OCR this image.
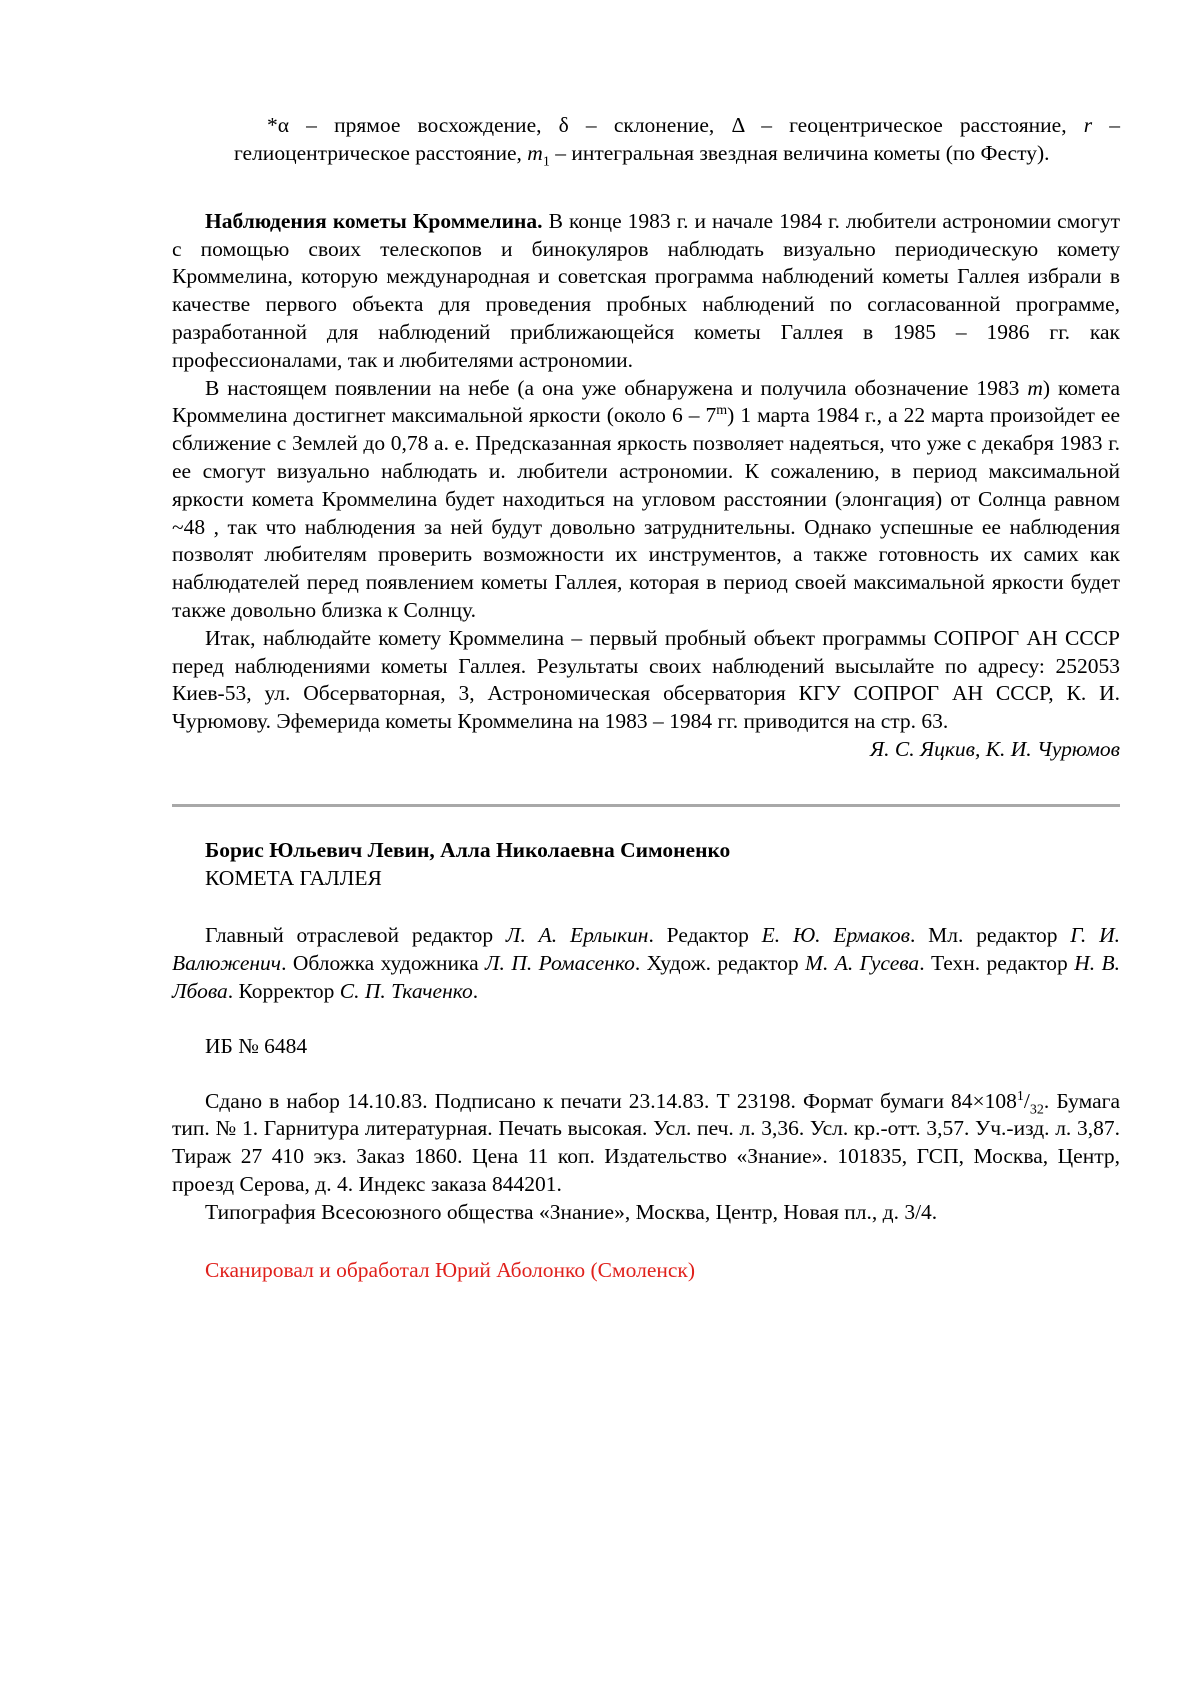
*α – прямое восхождение, δ – склонение, Δ – геоцентрическое расстояние, r – гелиоцентрическое расстояние, $m_1$ – интегральная звездная величина кометы (по Фесту).

Наблюдения кометы Кроммелина. В конце 1983 г. и начале 1984 г. любители астрономии смогут с помощью своих телескопов и бинокуляров наблюдать визуально периодическую комету Кроммелина, которую международная и советская программа наблюдений кометы Галлея избрали в качестве первого объекта для проведения пробных наблюдений по согласованной программе, разработанной для наблюдений приближающейся кометы Галлея в 1985 – 1986 гг. как профессионалами, так и любителями астрономии.

В настоящем появлении на небе (а она уже обнаружена и получила обозначение 1983 т) комета Кроммелина достигнет максимальной яркости (около 6 – 7$^m$) 1 марта 1984 г., а 22 марта произойдет ее сближение с Землей до 0,78 а. е. Предсказанная яркость позволяет надеяться, что уже с декабря 1983 г. ее смогут визуально наблюдать и. любители астрономии. К сожалению, в период максимальной яркости комета Кроммелина будет находиться на угловом расстоянии (элонгация) от Солнца равном ~48 , так что наблюдения за ней будут довольно затруднительны. Однако успешные ее наблюдения позволят любителям проверить возможности их инструментов, а также готовность их самих как наблюдателей перед появлением кометы Галлея, которая в период своей максимальной яркости будет также довольно близка к Солнцу.

Итак, наблюдайте комету Кроммелина – первый пробный объект программы СОПРОГ АН СССР перед наблюдениями кометы Галлея. Результаты своих наблюдений высылайте по адресу: 252053 Киев-53, ул. Обсерваторная, 3, Астрономическая обсерватория КГУ СОПРОГ АН СССР, К. И. Чурюмову. Эфемерида кометы Кроммелина на 1983 – 1984 гг. приводится на стр. 63.

Я. С. Яцкив, К. И. Чурюмов

Борис Юльевич Левин, Алла Николаевна Симоненко

КОМЕТА ГАЛЛЕЯ

Главный отраслевой редактор Л. А. Ерлыкин. Редактор Е. Ю. Ермаков. Мл. редактор Г. И. Валюженич. Обложка художника Л. П. Ромасенко. Худож. редактор М. А. Гусева. Техн. редактор Н. В. Лбова. Корректор С. П. Ткаченко.

ИБ № 6484

Сдано в набор 14.10.83. Подписано к печати 23.14.83. Т 23198. Формат бумаги $84\times 108^1/_{32}$. Бумага тип. № 1. Гарнитура литературная. Печать высокая. Усл. печ. л. 3,36. Усл. кр.-отт. 3,57. Уч.-изд. л. 3,87. Тираж 27 410 экз. Заказ 1860. Цена 11 коп. Издательство «Знание». 101835, ГСП, Москва, Центр, проезд Серова, д. 4. Индекс заказа 844201.

Типография Всесоюзного общества «Знание», Москва, Центр, Новая пл., д. 3/4.

Сканировал и обработал Юрий Аболонко (Смоленск)
